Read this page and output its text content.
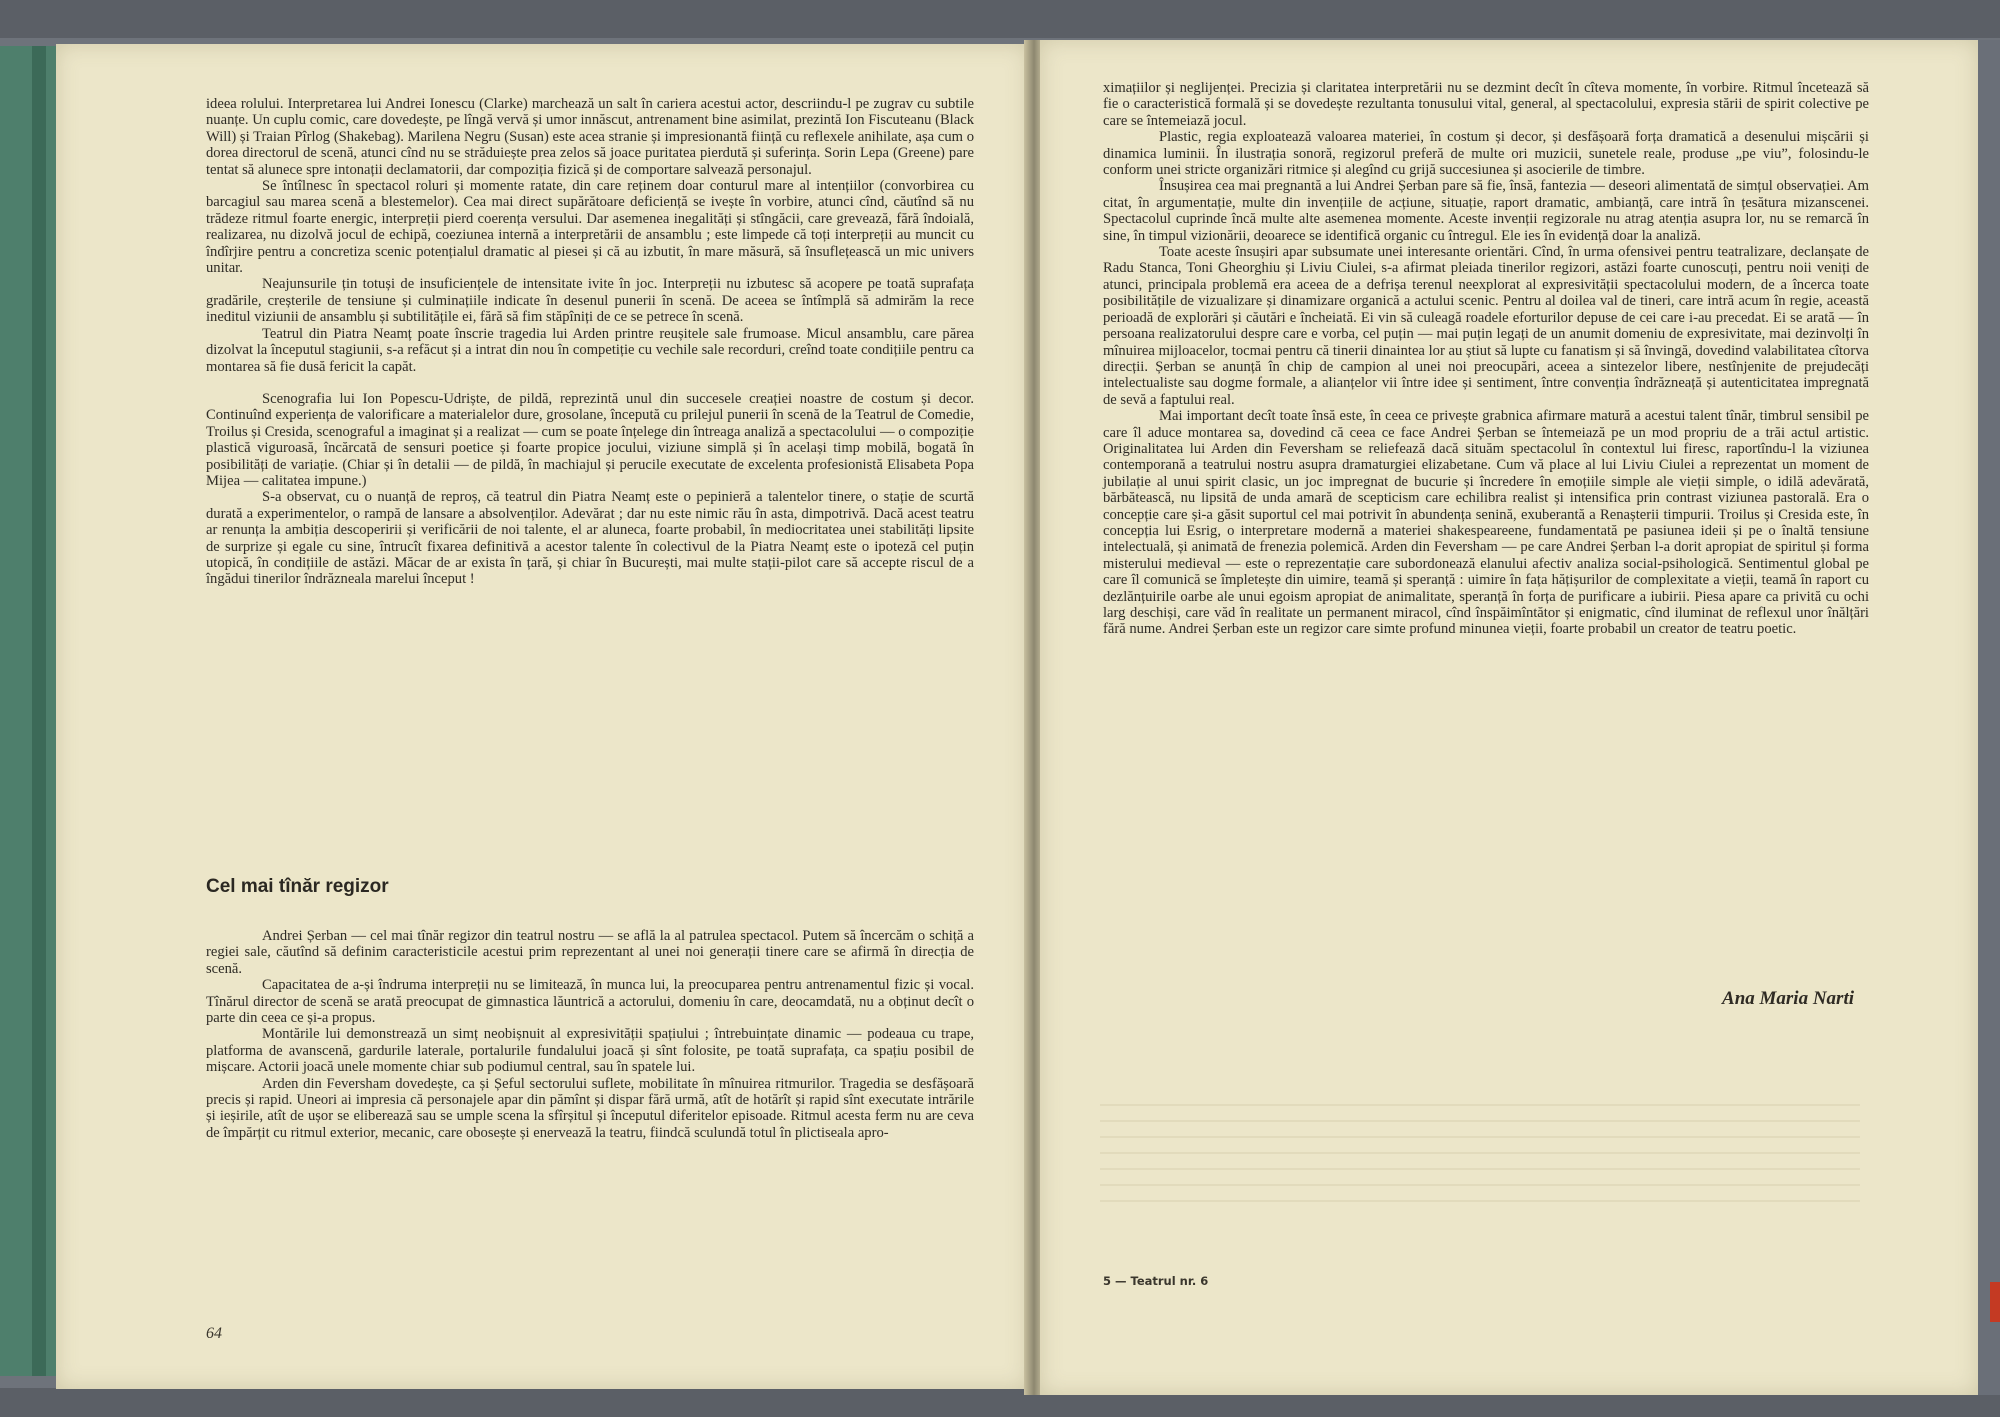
ideea rolului. Interpretarea lui Andrei Ionescu (Clarke) marchează un salt în cariera acestui actor, descriindu-l pe zugrav cu subtile nuanțe. Un cuplu comic, care dovedește, pe lîngă vervă și umor innăscut, antrenament bine asimilat, prezintă Ion Fiscuteanu (Black Will) și Traian Pîrlog (Shakebag). Marilena Negru (Susan) este acea stranie și impresionantă ființă cu reflexele anihilate, așa cum o dorea directorul de scenă, atunci cînd nu se străduiește prea zelos să joace puritatea pierdută și suferința. Sorin Lepa (Greene) pare tentat să alunece spre intonații declamatorii, dar compoziția fizică și de comportare salvează personajul.

Se întîlnesc în spectacol roluri și momente ratate, din care reținem doar conturul mare al intențiilor (convorbirea cu barcagiul sau marea scenă a blestemelor). Cea mai direct supărătoare deficiență se ivește în vorbire, atunci cînd, căutînd să nu trădeze ritmul foarte energic, interpreții pierd coerența versului. Dar asemenea inegalități și stîngăcii, care grevează, fără îndoială, realizarea, nu dizolvă jocul de echipă, coeziunea internă a interpretării de ansamblu ; este limpede că toți interpreții au muncit cu îndîrjire pentru a concretiza scenic potențialul dramatic al piesei și că au izbutit, în mare măsură, să însuflețească un mic univers unitar.

Neajunsurile țin totuși de insuficiențele de intensitate ivite în joc. Interpreții nu izbutesc să acopere pe toată suprafața gradările, creșterile de tensiune și culminațiile indicate în desenul punerii în scenă. De aceea se întîmplă să admirăm la rece ineditul viziunii de ansamblu și subtilitățile ei, fără să fim stăpîniți de ce se petrece în scenă.

Teatrul din Piatra Neamț poate înscrie tragedia lui Arden printre reușitele sale frumoase. Micul ansamblu, care părea dizolvat la începutul stagiunii, s-a refăcut și a intrat din nou în competiție cu vechile sale recorduri, creînd toate condițiile pentru ca montarea să fie dusă fericit la capăt.

Scenografia lui Ion Popescu-Udriște, de pildă, reprezintă unul din succesele creației noastre de costum și decor. Continuînd experiența de valorificare a materialelor dure, grosolane, începută cu prilejul punerii în scenă de la Teatrul de Comedie, Troilus și Cresida, scenograful a imaginat și a realizat — cum se poate înțelege din întreaga analiză a spectacolului — o compoziție plastică viguroasă, încărcată de sensuri poetice și foarte propice jocului, viziune simplă și în același timp mobilă, bogată în posibilități de variație. (Chiar și în detalii — de pildă, în machiajul și perucile executate de excelenta profesionistă Elisabeta Popa Mijea — calitatea impune.)

S-a observat, cu o nuanță de reproș, că teatrul din Piatra Neamț este o pepinieră a talentelor tinere, o stație de scurtă durată a experimentelor, o rampă de lansare a absolvenților. Adevărat ; dar nu este nimic rău în asta, dimpotrivă. Dacă acest teatru ar renunța la ambiția descoperirii și verificării de noi talente, el ar aluneca, foarte probabil, în mediocritatea unei stabilități lipsite de surprize și egale cu sine, întrucît fixarea definitivă a acestor talente în colectivul de la Piatra Neamț este o ipoteză cel puțin utopică, în condițiile de astăzi. Măcar de ar exista în țară, și chiar în București, mai multe stații-pilot care să accepte riscul de a îngădui tinerilor îndrăzneala marelui început !

Cel mai tînăr regizor

Andrei Șerban — cel mai tînăr regizor din teatrul nostru — se află la al patrulea spectacol. Putem să încercăm o schiță a regiei sale, căutînd să definim caracteristicile acestui prim reprezentant al unei noi generații tinere care se afirmă în direcția de scenă.

Capacitatea de a-și îndruma interpreții nu se limitează, în munca lui, la preocuparea pentru antrenamentul fizic și vocal. Tînărul director de scenă se arată preocupat de gimnastica lăuntrică a actorului, domeniu în care, deocamdată, nu a obținut decît o parte din ceea ce și-a propus.

Montările lui demonstrează un simț neobișnuit al expresivității spațiului ; întrebuințate dinamic — podeaua cu trape, platforma de avanscenă, gardurile laterale, portalurile fundalului joacă și sînt folosite, pe toată suprafața, ca spațiu posibil de mișcare. Actorii joacă unele momente chiar sub podiumul central, sau în spatele lui.

Arden din Feversham dovedește, ca și Șeful sectorului suflete, mobilitate în mînuirea ritmurilor. Tragedia se desfășoară precis și rapid. Uneori ai impresia că personajele apar din pămînt și dispar fără urmă, atît de hotărît și rapid sînt executate intrările și ieșirile, atît de ușor se eliberează sau se umple scena la sfîrșitul și începutul diferitelor episoade. Ritmul acesta ferm nu are ceva de împărțit cu ritmul exterior, mecanic, care obosește și enervează la teatru, fiindcă sculundă totul în plictiseala apro-

64

ximațiilor și neglijenței. Precizia și claritatea interpretării nu se dezmint decît în cîteva momente, în vorbire. Ritmul încetează să fie o caracteristică formală și se dovedește rezultanta tonusului vital, general, al spectacolului, expresia stării de spirit colective pe care se întemeiază jocul.

Plastic, regia exploatează valoarea materiei, în costum și decor, și desfășoară forța dramatică a desenului mișcării și dinamica luminii. În ilustrația sonoră, regizorul preferă de multe ori muzicii, sunetele reale, produse „pe viu”, folosindu-le conform unei stricte organizări ritmice și alegînd cu grijă succesiunea și asocierile de timbre.

Însușirea cea mai pregnantă a lui Andrei Șerban pare să fie, însă, fantezia — deseori alimentată de simțul observației. Am citat, în argumentație, multe din invențiile de acțiune, situație, raport dramatic, ambianță, care intră în țesătura mizanscenei. Spectacolul cuprinde încă multe alte asemenea momente. Aceste invenții regizorale nu atrag atenția asupra lor, nu se remarcă în sine, în timpul vizionării, deoarece se identifică organic cu întregul. Ele ies în evidență doar la analiză.

Toate aceste însușiri apar subsumate unei interesante orientări. Cînd, în urma ofensivei pentru teatralizare, declanșate de Radu Stanca, Toni Gheorghiu și Liviu Ciulei, s-a afirmat pleiada tinerilor regizori, astăzi foarte cunoscuți, pentru noii veniți de atunci, principala problemă era aceea de a defrișa terenul neexplorat al expresivității spectacolului modern, de a încerca toate posibilitățile de vizualizare și dinamizare organică a actului scenic. Pentru al doilea val de tineri, care intră acum în regie, această perioadă de explorări și căutări e încheiată. Ei vin să culeagă roadele eforturilor depuse de cei care i-au precedat. Ei se arată — în persoana realizatorului despre care e vorba, cel puțin — mai puțin legați de un anumit domeniu de expresivitate, mai dezinvolți în mînuirea mijloacelor, tocmai pentru că tinerii dinaintea lor au știut să lupte cu fanatism și să învingă, dovedind valabilitatea cîtorva direcții. Șerban se anunță în chip de campion al unei noi preocupări, aceea a sintezelor libere, nestînjenite de prejudecăți intelectualiste sau dogme formale, a alianțelor vii între idee și sentiment, între convenția îndrăzneață și autenticitatea impregnată de sevă a faptului real.

Mai important decît toate însă este, în ceea ce privește grabnica afirmare matură a acestui talent tînăr, timbrul sensibil pe care îl aduce montarea sa, dovedind că ceea ce face Andrei Șerban se întemeiază pe un mod propriu de a trăi actul artistic. Originalitatea lui Arden din Feversham se reliefează dacă situăm spectacolul în contextul lui firesc, raportîndu-l la viziunea contemporană a teatrului nostru asupra dramaturgiei elizabetane. Cum vă place al lui Liviu Ciulei a reprezentat un moment de jubilație al unui spirit clasic, un joc impregnat de bucurie și încredere în emoțiile simple ale vieții simple, o idilă adevărată, bărbătească, nu lipsită de unda amară de scepticism care echilibra realist și intensifica prin contrast viziunea pastorală. Era o concepție care și-a găsit suportul cel mai potrivit în abundența senină, exuberantă a Renașterii timpurii. Troilus și Cresida este, în concepția lui Esrig, o interpretare modernă a materiei shakespeareene, fundamentată pe pasiunea ideii și pe o înaltă tensiune intelectuală, și animată de frenezia polemică. Arden din Feversham — pe care Andrei Șerban l-a dorit apropiat de spiritul și forma misterului medieval — este o reprezentație care subordonează elanului afectiv analiza social-psihologică. Sentimentul global pe care îl comunică se împletește din uimire, teamă și speranță : uimire în fața hățișurilor de complexitate a vieții, teamă în raport cu dezlănțuirile oarbe ale unui egoism apropiat de animalitate, speranță în forța de purificare a iubirii. Piesa apare ca privită cu ochi larg deschiși, care văd în realitate un permanent miracol, cînd înspăimîntător și enigmatic, cînd iluminat de reflexul unor înălțări fără nume. Andrei Șerban este un regizor care simte profund minunea vieții, foarte probabil un creator de teatru poetic.

Ana Maria Narti
5 — Teatrul nr. 6
